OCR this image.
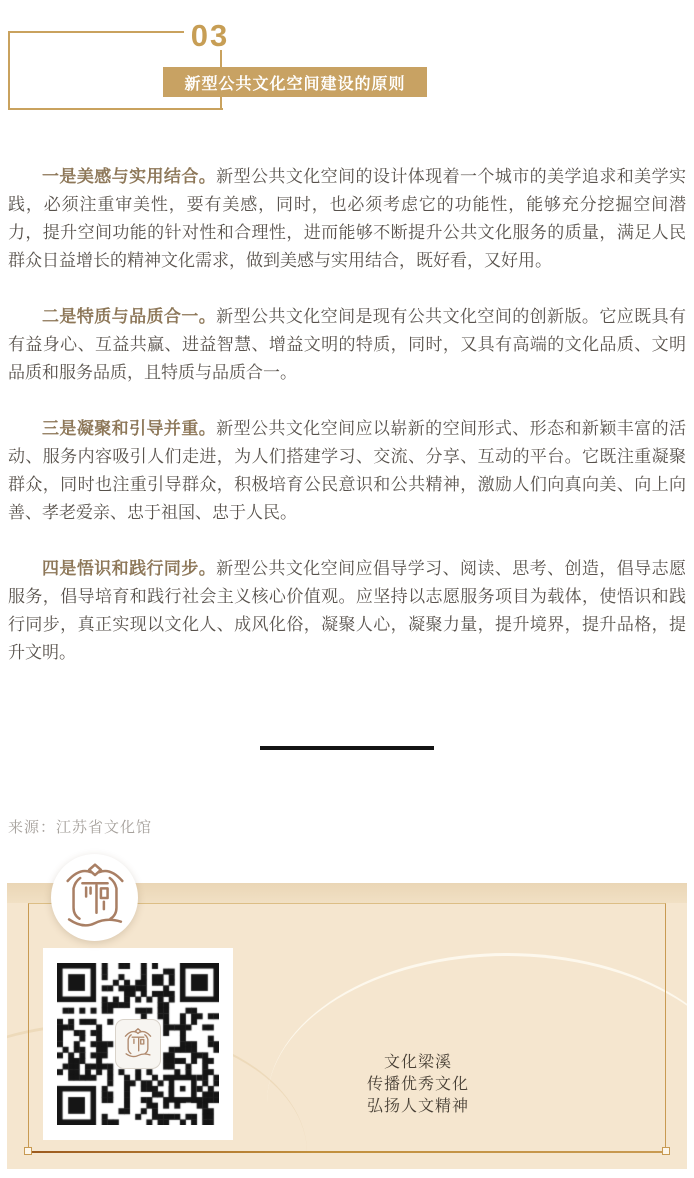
03
新型公共文化空间建设的原则

一是美感与实用结合。新型公共文化空间的设计体现着一个城市的美学追求和美学实践，必须注重审美性，要有美感，同时，也必须考虑它的功能性，能够充分挖掘空间潜力，提升空间功能的针对性和合理性，进而能够不断提升公共文化服务的质量，满足人民群众日益增长的精神文化需求，做到美感与实用结合，既好看，又好用。

二是特质与品质合一。新型公共文化空间是现有公共文化空间的创新版。它应既具有有益身心、互益共赢、进益智慧、增益文明的特质，同时，又具有高端的文化品质、文明品质和服务品质，且特质与品质合一。

三是凝聚和引导并重。新型公共文化空间应以崭新的空间形式、形态和新颖丰富的活动、服务内容吸引人们走进，为人们搭建学习、交流、分享、互动的平台。它既注重凝聚群众，同时也注重引导群众，积极培育公民意识和公共精神，激励人们向真向美、向上向善、孝老爱亲、忠于祖国、忠于人民。

四是悟识和践行同步。新型公共文化空间应倡导学习、阅读、思考、创造，倡导志愿服务，倡导培育和践行社会主义核心价值观。应坚持以志愿服务项目为载体，使悟识和践行同步，真正实现以文化人、成风化俗，凝聚人心，凝聚力量，提升境界，提升品格，提升文明。

来源：江苏省文化馆
文化梁溪
传播优秀文化
弘扬人文精神
